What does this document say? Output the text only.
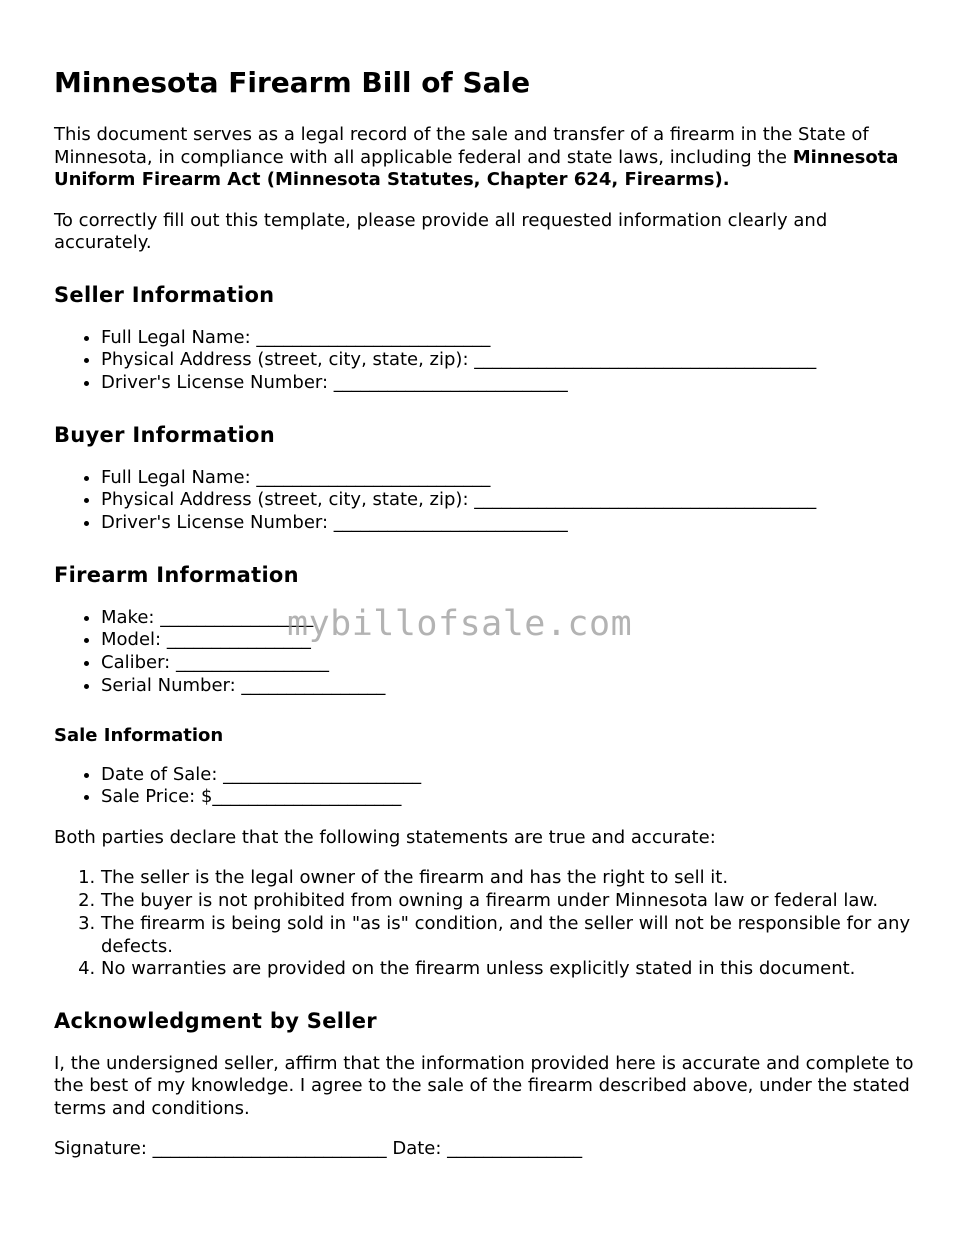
Minnesota Firearm Bill of Sale

This document serves as a legal record of the sale and transfer of a firearm in the State of Minnesota, in compliance with all applicable federal and state laws, including the Minnesota Uniform Firearm Act (Minnesota Statutes, Chapter 624, Firearms).

To correctly fill out this template, please provide all requested information clearly and accurately.

Seller Information
• Full Legal Name: __________________________
• Physical Address (street, city, state, zip): ______________________________________
• Driver's License Number: __________________________
Buyer Information
• Full Legal Name: __________________________
• Physical Address (street, city, state, zip): ______________________________________
• Driver's License Number: __________________________
Firearm Information
• Make: _________________
• Model: ________________
• Caliber: _________________
• Serial Number: ________________
Sale Information
• Date of Sale: ______________________
• Sale Price: $_____________________

Both parties declare that the following statements are true and accurate:

1. The seller is the legal owner of the firearm and has the right to sell it.
2. The buyer is not prohibited from owning a firearm under Minnesota law or federal law.
3. The firearm is being sold in "as is" condition, and the seller will not be responsible for any defects.
4. No warranties are provided on the firearm unless explicitly stated in this document.
Acknowledgment by Seller

I, the undersigned seller, affirm that the information provided here is accurate and complete to the best of my knowledge. I agree to the sale of the firearm described above, under the stated terms and conditions.

Signature: __________________________ Date: _______________

mybillofsale.com
